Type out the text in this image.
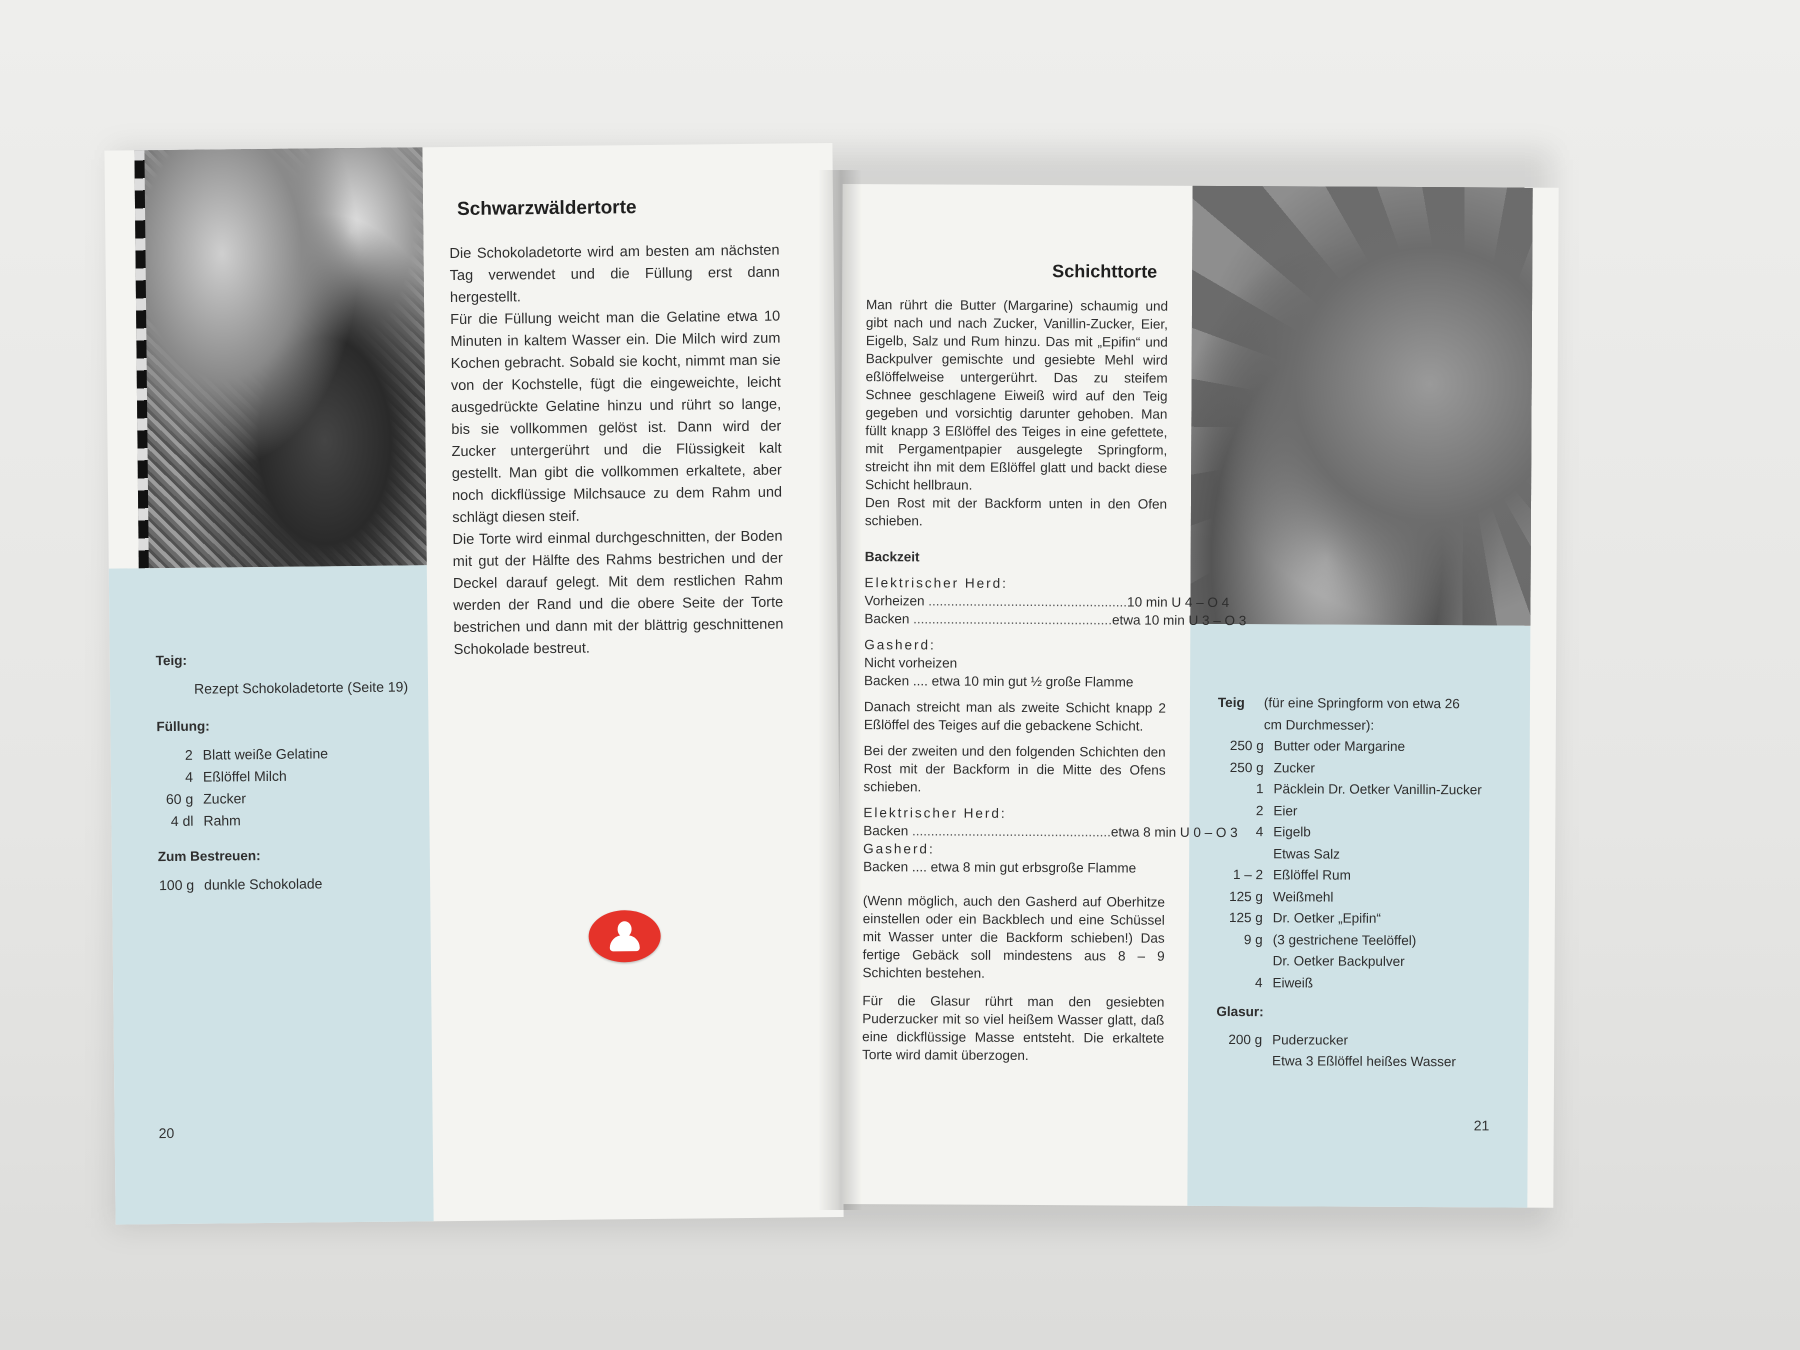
Schwarzwäldertorte

Die Schokoladetorte wird am besten am nächsten Tag verwendet und die Füllung erst dann hergestellt.

Für die Füllung weicht man die Gelatine etwa 10 Minuten in kaltem Wasser ein. Die Milch wird zum Kochen gebracht. Sobald sie kocht, nimmt man sie von der Kochstelle, fügt die eingeweichte, leicht ausgedrückte Gelatine hinzu und rührt so lange, bis sie vollkommen gelöst ist. Dann wird der Zucker untergerührt und die Flüssigkeit kalt gestellt. Man gibt die vollkommen erkaltete, aber noch dickflüssige Milchsauce zu dem Rahm und schlägt diesen steif.

Die Torte wird einmal durchgeschnitten, der Boden mit gut der Hälfte des Rahms bestrichen und der Deckel darauf gelegt. Mit dem restlichen Rahm werden der Rand und die obere Seite der Torte bestrichen und dann mit der blättrig geschnittenen Schokolade bestreut.

Teig:
Rezept Schokoladetorte (Seite 19)
Füllung:
2 Blatt weiße Gelatine
4 Eßlöffel Milch
60 g Zucker
4 dl Rahm
Zum Bestreuen:
100 g dunkle Schokolade
20
Schichttorte

Man rührt die Butter (Margarine) schaumig und gibt nach und nach Zucker, Vanillin-Zucker, Eier, Eigelb, Salz und Rum hinzu. Das mit „Epifin“ und Backpulver gemischte und gesiebte Mehl wird eßlöffelweise untergerührt. Das zu steifem Schnee geschlagene Eiweiß wird auf den Teig gegeben und vorsichtig darunter gehoben. Man füllt knapp 3 Eßlöffel des Teiges in eine gefettete, mit Pergamentpapier ausgelegte Springform, streicht ihn mit dem Eßlöffel glatt und backt diese Schicht hellbraun.

Den Rost mit der Backform unten in den Ofen schieben.

Backzeit
Elektrischer Herd:
Vorheizen ..................................................... 10 min U 4 – O 4
Backen ..................................................... etwa 10 min U 3 – O 3
Gasherd:
Nicht vorheizen
Backen .... etwa 10 min gut ½ große Flamme

Danach streicht man als zweite Schicht knapp 2 Eßlöffel des Teiges auf die gebackene Schicht.

Bei der zweiten und den folgenden Schichten den Rost mit der Backform in die Mitte des Ofens schieben.

Elektrischer Herd:
Backen ..................................................... etwa 8 min U 0 – O 3
Gasherd:
Backen .... etwa 8 min gut erbsgroße Flamme

(Wenn möglich, auch den Gasherd auf Oberhitze einstellen oder ein Backblech und eine Schüssel mit Wasser unter die Backform schieben!) Das fertige Gebäck soll mindestens aus 8 – 9 Schichten bestehen.

Für die Glasur rührt man den gesiebten Puderzucker mit so viel heißem Wasser glatt, daß eine dickflüssige Masse entsteht. Die erkaltete Torte wird damit überzogen.

Teig	(für eine Springform von etwa 26 cm Durchmesser):
250 g Butter oder Margarine
250 g Zucker
1 Päcklein Dr. Oetker Vanillin-Zucker
2 Eier
4 Eigelb
Etwas Salz
1 – 2 Eßlöffel Rum
125 g Weißmehl
125 g Dr. Oetker „Epifin“
9 g (3 gestrichene Teelöffel)
Dr. Oetker Backpulver
4 Eiweiß
Glasur:
200 g Puderzucker
Etwa 3 Eßlöffel heißes Wasser
21
